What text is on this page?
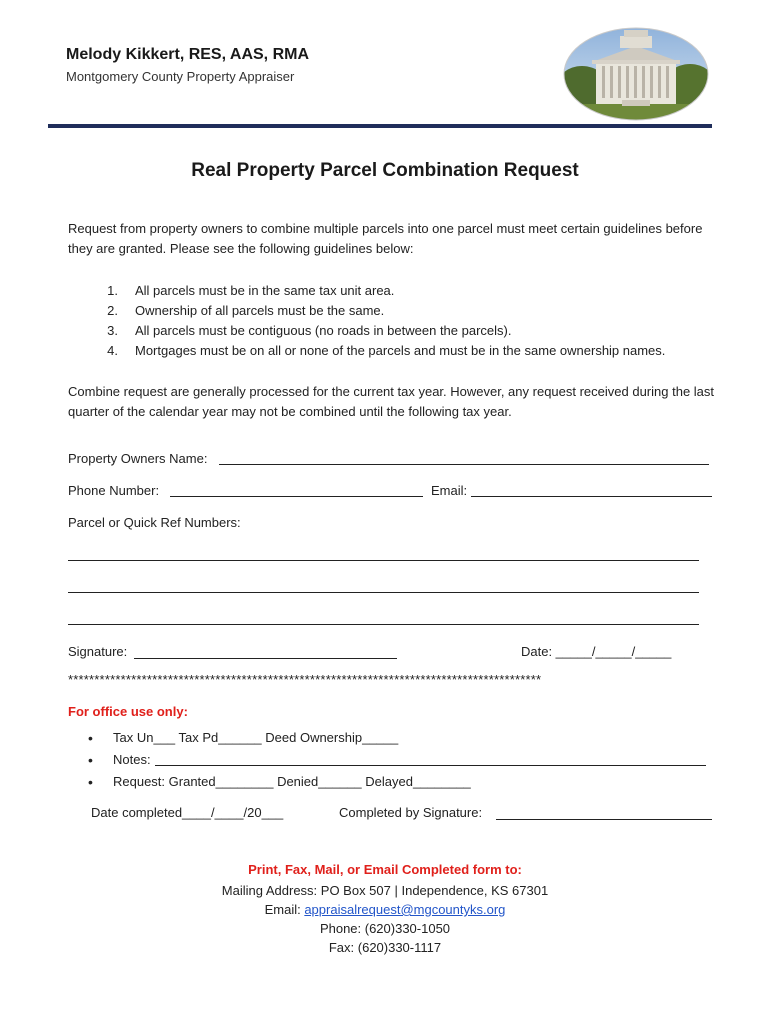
Melody Kikkert, RES, AAS, RMA
Montgomery County Property Appraiser
Real Property Parcel Combination Request
Request from property owners to combine multiple parcels into one parcel must meet certain guidelines before they are granted. Please see the following guidelines below:
1.	All parcels must be in the same tax unit area.
2.	Ownership of all parcels must be the same.
3.	All parcels must be contiguous (no roads in between the parcels).
4.	Mortgages must be on all or none of the parcels and must be in the same ownership names.
Combine request are generally processed for the current tax year. However, any request received during the last quarter of the calendar year may not be combined until the following tax year.
Property Owners Name:
Phone Number:	Email:
Parcel or Quick Ref Numbers:
Signature:	Date: _____/_____/_____
******************************************************************************************
For office use only:
• Tax Un___ Tax Pd______ Deed Ownership_____
• Notes:
• Request: Granted________ Denied______ Delayed________
Date completed____/____/20___	Completed by Signature:
Print, Fax, Mail, or Email Completed form to:
Mailing Address: PO Box 507 | Independence, KS 67301
Email: appraisalrequest@mgcountyks.org
Phone: (620)330-1050
Fax: (620)330-1117
